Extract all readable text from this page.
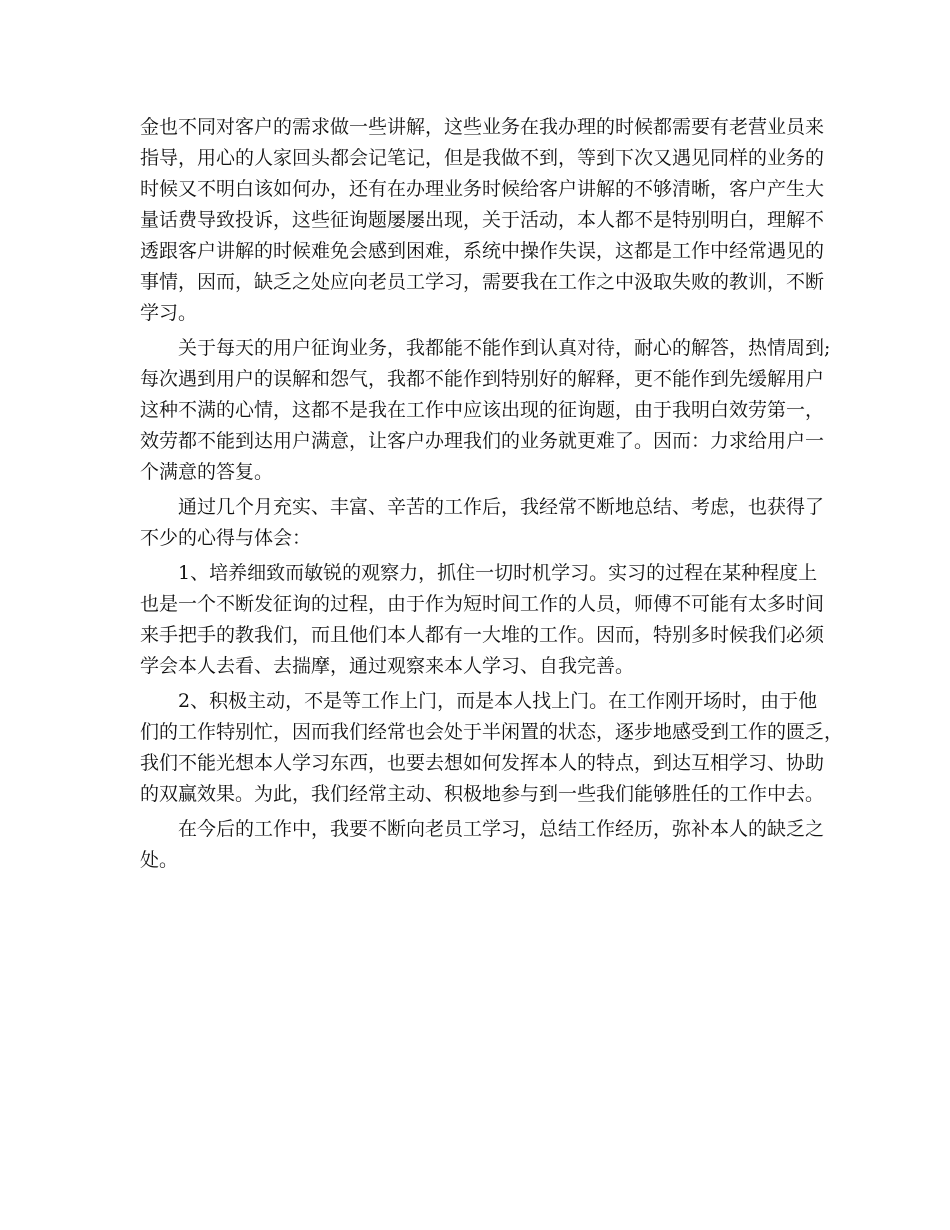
金也不同对客户的需求做一些讲解，这些业务在我办理的时候都需要有老营业员来
指导，用心的人家回头都会记笔记，但是我做不到，等到下次又遇见同样的业务的
时候又不明白该如何办，还有在办理业务时候给客户讲解的不够清晰，客户产生大
量话费导致投诉，这些征询题屡屡出现，关于活动，本人都不是特别明白，理解不
透跟客户讲解的时候难免会感到困难，系统中操作失误，这都是工作中经常遇见的
事情，因而，缺乏之处应向老员工学习，需要我在工作之中汲取失败的教训，不断
学习。
关于每天的用户征询业务，我都能不能作到认真对待，耐心的解答，热情周到;
每次遇到用户的误解和怨气，我都不能作到特别好的解释，更不能作到先缓解用户
这种不满的心情，这都不是我在工作中应该出现的征询题，由于我明白效劳第一，
效劳都不能到达用户满意，让客户办理我们的业务就更难了。因而：力求给用户一
个满意的答复。
通过几个月充实、丰富、辛苦的工作后，我经常不断地总结、考虑，也获得了
不少的心得与体会：
1、培养细致而敏锐的观察力，抓住一切时机学习。实习的过程在某种程度上
也是一个不断发征询的过程，由于作为短时间工作的人员，师傅不可能有太多时间
来手把手的教我们，而且他们本人都有一大堆的工作。因而，特别多时候我们必须
学会本人去看、去揣摩，通过观察来本人学习、自我完善。
2、积极主动，不是等工作上门，而是本人找上门。在工作刚开场时，由于他
们的工作特别忙，因而我们经常也会处于半闲置的状态，逐步地感受到工作的匮乏，
我们不能光想本人学习东西，也要去想如何发挥本人的特点，到达互相学习、协助
的双赢效果。为此，我们经常主动、积极地参与到一些我们能够胜任的工作中去。
在今后的工作中，我要不断向老员工学习，总结工作经历，弥补本人的缺乏之
处。
